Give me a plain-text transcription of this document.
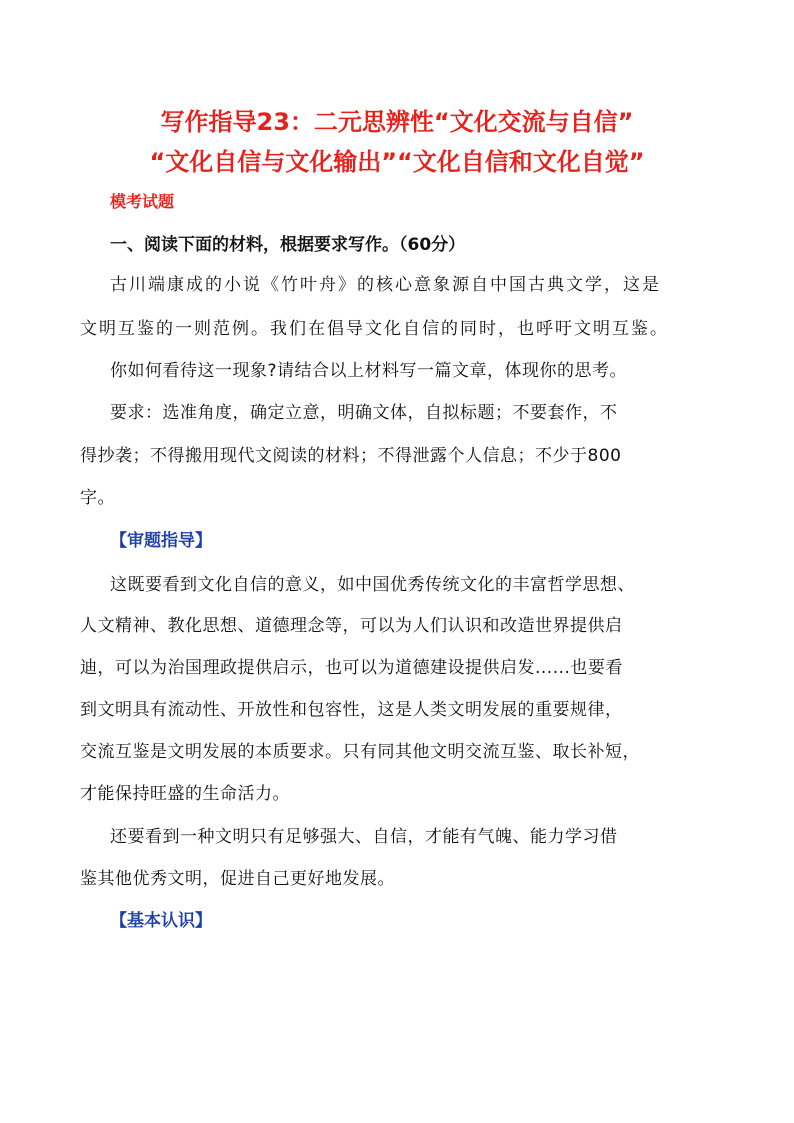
写作指导23：二元思辨性“文化交流与自信”
“文化自信与文化输出”“文化自信和文化自觉”
模考试题
一、阅读下面的材料，根据要求写作。（60分）
古川端康成的小说《竹叶舟》的核心意象源自中国古典文学，这是
文明互鉴的一则范例。我们在倡导文化自信的同时，也呼吁文明互鉴。
你如何看待这一现象?请结合以上材料写一篇文章，体现你的思考。
要求：选准角度，确定立意，明确文体，自拟标题；不要套作，不
得抄袭；不得搬用现代文阅读的材料；不得泄露个人信息；不少于800
字。
【审题指导】
这既要看到文化自信的意义，如中国优秀传统文化的丰富哲学思想、
人文精神、教化思想、道德理念等，可以为人们认识和改造世界提供启
迪，可以为治国理政提供启示，也可以为道德建设提供启发......也要看
到文明具有流动性、开放性和包容性，这是人类文明发展的重要规律，
交流互鉴是文明发展的本质要求。只有同其他文明交流互鉴、取长补短，
才能保持旺盛的生命活力。
还要看到一种文明只有足够强大、自信，才能有气魄、能力学习借
鉴其他优秀文明，促进自己更好地发展。
【基本认识】
